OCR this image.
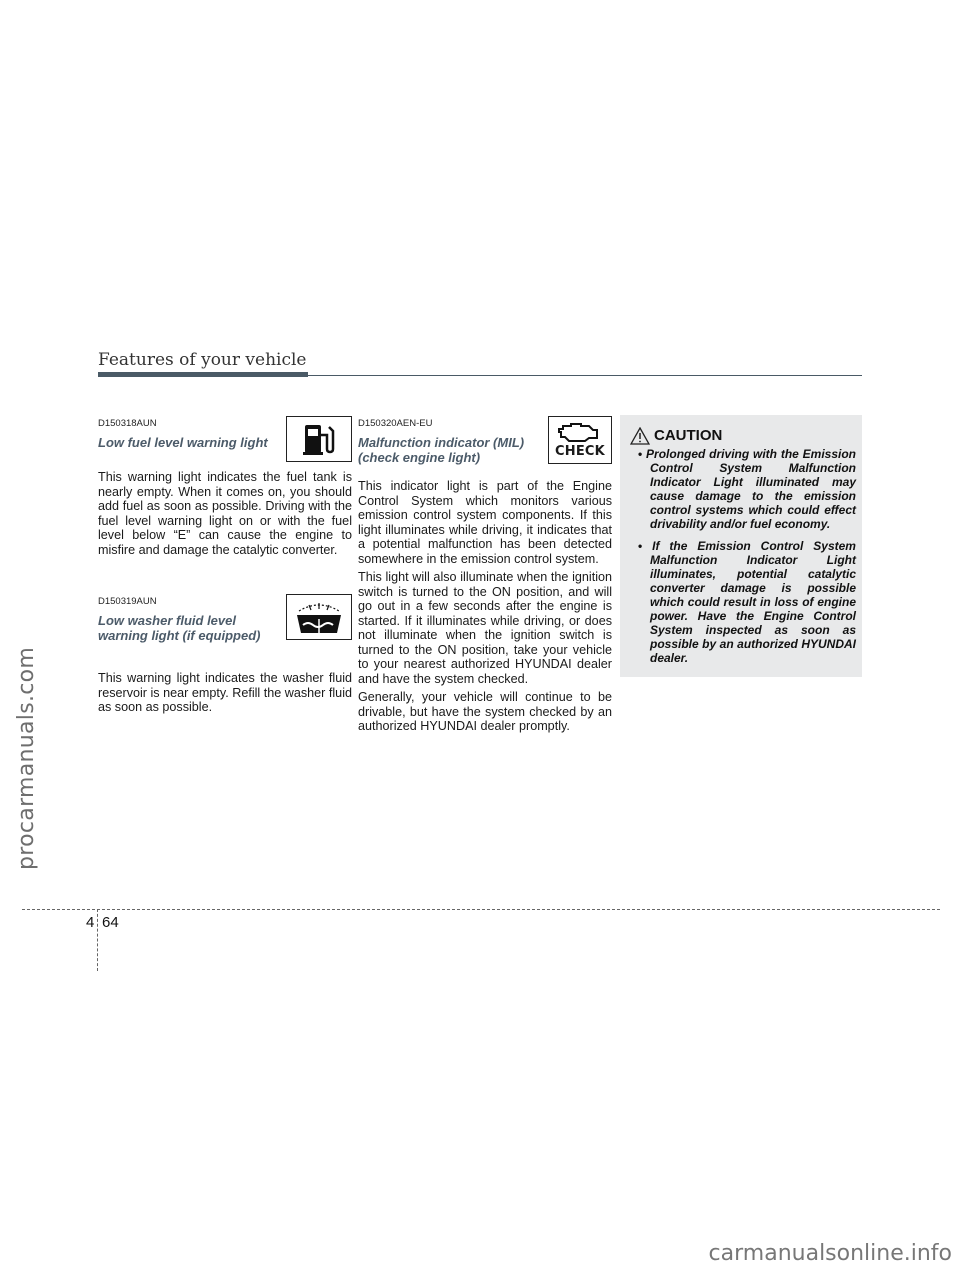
procarmanuals.com
Features of your vehicle

D150318AUN

Low fuel level warning light

This warning light indicates the fuel tank is nearly empty. When it comes on, you should add fuel as soon as possible. Driving with the fuel level warning light on or with the fuel level below “E” can cause the engine to misfire and damage the catalytic converter.

D150319AUN

Low washer fluid level warning light (if equipped)

This warning light indicates the washer fluid reservoir is near empty. Refill the washer fluid as soon as possible.

D150320AEN-EU

Malfunction indicator (MIL) (check engine light)	CHECK

This indicator light is part of the Engine Control System which monitors various emission control system components. If this light illuminates while driving, it indicates that a potential malfunction has been detected somewhere in the emission control system.

This light will also illuminate when the ignition switch is turned to the ON position, and will go out in a few seconds after the engine is started. If it illuminates while driving, or does not illuminate when the ignition switch is turned to the ON position, take your vehicle to your nearest authorized HYUNDAI dealer and have the system checked.

Generally, your vehicle will continue to be drivable, but have the system checked by an authorized HYUNDAI dealer promptly.

CAUTION
• Prolonged driving with the Emission Control System Malfunction Indicator Light illuminated may cause damage to the emission control systems which could effect drivability and/or fuel economy.
• If the Emission Control System Malfunction Indicator Light illuminates, potential catalytic converter damage is possible which could result in loss of engine power. Have the Engine Control System inspected as soon as possible by an authorized HYUNDAI dealer.
4 64
carmanualsonline.info
